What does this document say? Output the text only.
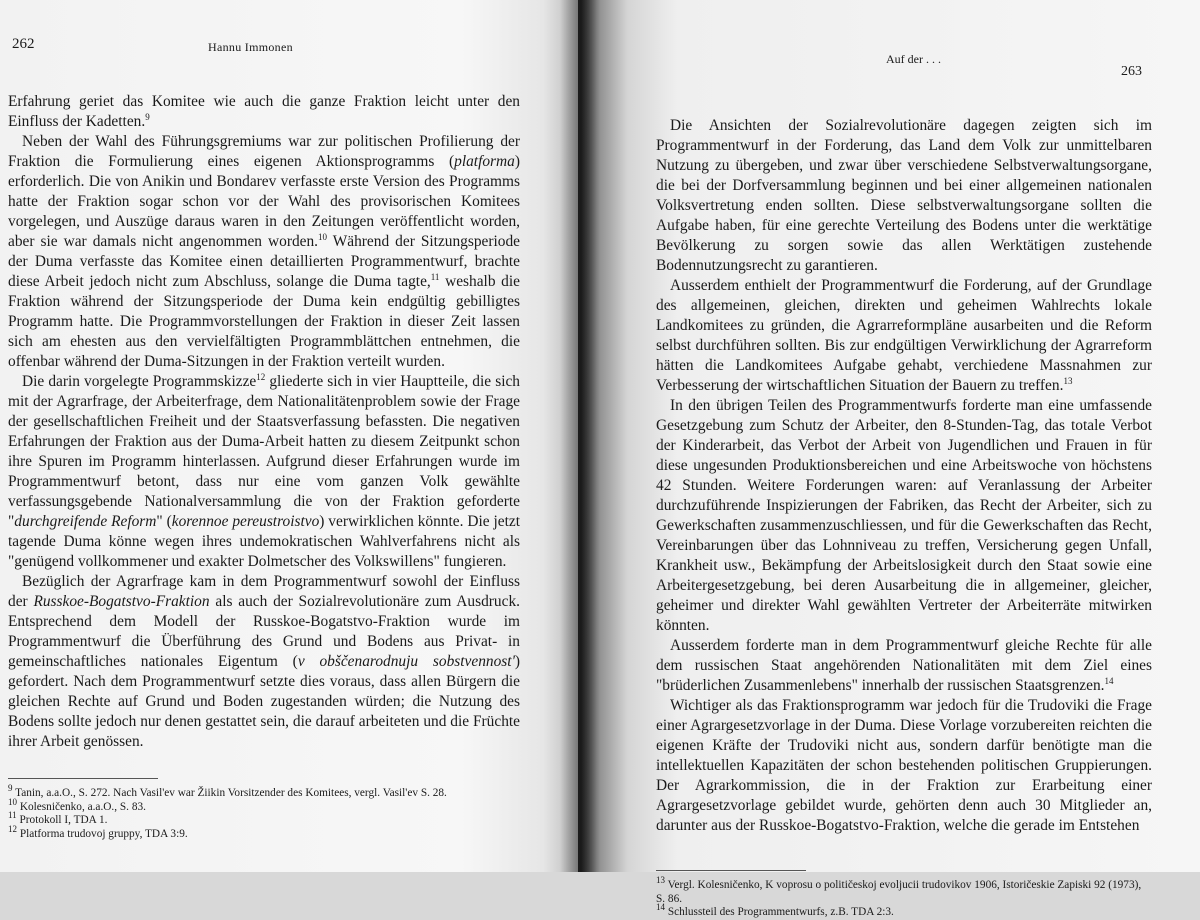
262	Hannu Immonen

Erfahrung geriet das Komitee wie auch die ganze Fraktion leicht unter den Einfluss der Kadetten.$^9$

Neben der Wahl des Führungsgremiums war zur politischen Profilierung der Fraktion die Formulierung eines eigenen Aktionsprogramms (platforma) erforderlich. Die von Anikin und Bondarev verfasste erste Version des Programms hatte der Fraktion sogar schon vor der Wahl des provisorischen Komitees vorgelegen, und Auszüge daraus waren in den Zeitungen veröffentlicht worden, aber sie war damals nicht angenommen worden.$^{10}$ Während der Sitzungsperiode der Duma verfasste das Komitee einen detaillierten Programmentwurf, brachte diese Arbeit jedoch nicht zum Abschluss, solange die Duma tagte,$^{11}$ weshalb die Fraktion während der Sitzungsperiode der Duma kein endgültig gebilligtes Programm hatte. Die Programmvorstellungen der Fraktion in dieser Zeit lassen sich am ehesten aus den vervielfältigten Programmblättchen entnehmen, die offenbar während der Duma-Sitzungen in der Fraktion verteilt wurden.

Die darin vorgelegte Programmskizze$^{12}$ gliederte sich in vier Hauptteile, die sich mit der Agrarfrage, der Arbeiterfrage, dem Nationalitätenproblem sowie der Frage der gesellschaftlichen Freiheit und der Staatsverfassung befassten. Die negativen Erfahrungen der Fraktion aus der Duma-Arbeit hatten zu diesem Zeitpunkt schon ihre Spuren im Programm hinterlassen. Aufgrund dieser Erfahrungen wurde im Programmentwurf betont, dass nur eine vom ganzen Volk gewählte verfassungsgebende Nationalversammlung die von der Fraktion geforderte "durchgreifende Reform" (korennoe pereustroistvo) verwirklichen könnte. Die jetzt tagende Duma könne wegen ihres undemokratischen Wahlverfahrens nicht als "genügend vollkommener und exakter Dolmetscher des Volkswillens" fungieren.

Bezüglich der Agrarfrage kam in dem Programmentwurf sowohl der Einfluss der Russkoe-Bogatstvo-Fraktion als auch der Sozialrevolutionäre zum Ausdruck. Entsprechend dem Modell der Russkoe-Bogatstvo-Fraktion wurde im Programmentwurf die Überführung des Grund und Bodens aus Privat- in gemeinschaftliches nationales Eigentum (v obščenarodnuju sobstvennost') gefordert. Nach dem Programmentwurf setzte dies voraus, dass allen Bürgern die gleichen Rechte auf Grund und Boden zugestanden würden; die Nutzung des Bodens sollte jedoch nur denen gestattet sein, die darauf arbeiteten und die Früchte ihrer Arbeit genössen.

$^9$ Tanin, a.a.O., S. 272. Nach Vasil'ev war Žiikin Vorsitzender des Komitees, vergl. Vasil'ev S. 28.

$^{10}$ Kolesničenko, a.a.O., S. 83.

$^{11}$ Protokoll I, TDA 1.

$^{12}$ Platforma trudovoj gruppy, TDA 3:9.

Auf der . . .
263

Die Ansichten der Sozialrevolutionäre dagegen zeigten sich im Programmentwurf in der Forderung, das Land dem Volk zur unmittelbaren Nutzung zu übergeben, und zwar über verschiedene Selbstverwaltungsorgane, die bei der Dorfversammlung beginnen und bei einer allgemeinen nationalen Volksvertretung enden sollten. Diese selbstverwaltungsorgane sollten die Aufgabe haben, für eine gerechte Verteilung des Bodens unter die werktätige Bevölkerung zu sorgen sowie das allen Werktätigen zustehende Bodennutzungsrecht zu garantieren.

Ausserdem enthielt der Programmentwurf die Forderung, auf der Grundlage des allgemeinen, gleichen, direkten und geheimen Wahlrechts lokale Landkomitees zu gründen, die Agrarreformpläne ausarbeiten und die Reform selbst durchführen sollten. Bis zur endgültigen Verwirklichung der Agrarreform hätten die Landkomitees Aufgabe gehabt, verchiedene Massnahmen zur Verbesserung der wirtschaftlichen Situation der Bauern zu treffen.$^{13}$

In den übrigen Teilen des Programmentwurfs forderte man eine umfassende Gesetzgebung zum Schutz der Arbeiter, den 8-Stunden-Tag, das totale Verbot der Kinderarbeit, das Verbot der Arbeit von Jugendlichen und Frauen in für diese ungesunden Produktionsbereichen und eine Arbeitswoche von höchstens 42 Stunden. Weitere Forderungen waren: auf Veranlassung der Arbeiter durchzuführende Inspizierungen der Fabriken, das Recht der Arbeiter, sich zu Gewerkschaften zusammenzuschliessen, und für die Gewerkschaften das Recht, Vereinbarungen über das Lohnniveau zu treffen, Versicherung gegen Unfall, Krankheit usw., Bekämpfung der Arbeitslosigkeit durch den Staat sowie eine Arbeitergesetzgebung, bei deren Ausarbeitung die in allgemeiner, gleicher, geheimer und direkter Wahl gewählten Vertreter der Arbeiterräte mitwirken könnten.

Ausserdem forderte man in dem Programmentwurf gleiche Rechte für alle dem russischen Staat angehörenden Nationalitäten mit dem Ziel eines "brüderlichen Zusammenlebens" innerhalb der russischen Staatsgrenzen.$^{14}$

Wichtiger als das Fraktionsprogramm war jedoch für die Trudoviki die Frage einer Agrargesetzvorlage in der Duma. Diese Vorlage vorzubereiten reichten die eigenen Kräfte der Trudoviki nicht aus, sondern darfür benötigte man die intellektuellen Kapazitäten der schon bestehenden politischen Gruppierungen. Der Agrarkommission, die in der Fraktion zur Erarbeitung einer Agrargesetzvorlage gebildet wurde, gehörten denn auch 30 Mitglieder an, darunter aus der Russkoe-Bogatstvo-Fraktion, welche die gerade im Entstehen

$^{13}$ Vergl. Kolesničenko, K voprosu o političeskoj evoljucii trudovikov 1906, Istoričeskie Zapiski 92 (1973), S. 86.

$^{14}$ Schlussteil des Programmentwurfs, z.B. TDA 2:3.
